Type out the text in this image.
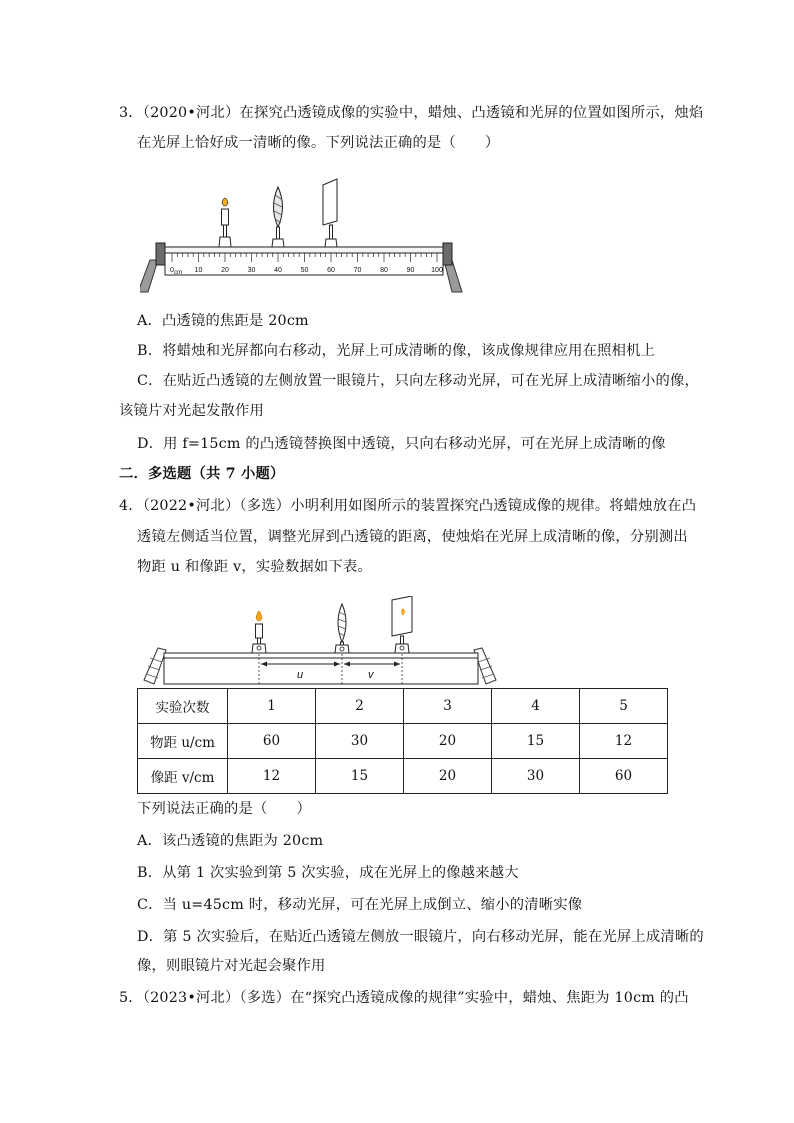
3．（2020•河北）在探究凸透镜成像的实验中，蜡烛、凸透镜和光屏的位置如图所示，烛焰
在光屏上恰好成一清晰的像。下列说法正确的是（　　）
0	10	20	30	40	50	60	70	80	90 100
cm
A．凸透镜的焦距是 20cm
B．将蜡烛和光屏都向右移动，光屏上可成清晰的像，该成像规律应用在照相机上
C．在贴近凸透镜的左侧放置一眼镜片，只向左移动光屏，可在光屏上成清晰缩小的像，
该镜片对光起发散作用
D．用 f=15cm 的凸透镜替换图中透镜，只向右移动光屏，可在光屏上成清晰的像
二．多选题（共 7 小题）
4．（2022•河北）（多选）小明利用如图所示的装置探究凸透镜成像的规律。将蜡烛放在凸
透镜左侧适当位置，调整光屏到凸透镜的距离，使烛焰在光屏上成清晰的像，分别测出
物距 u 和像距 v，实验数据如下表。
u	v
实验次数	1	2	3	4	5
物距 u/cm	60	30	20	15	12
像距 v/cm	12	15	20	30	60
下列说法正确的是（　　）
A．该凸透镜的焦距为 20cm
B．从第 1 次实验到第 5 次实验，成在光屏上的像越来越大
C．当 u=45cm 时，移动光屏，可在光屏上成倒立、缩小的清晰实像
D．第 5 次实验后，在贴近凸透镜左侧放一眼镜片，向右移动光屏，能在光屏上成清晰的
像，则眼镜片对光起会聚作用
5．（2023•河北）（多选）在“探究凸透镜成像的规律”实验中，蜡烛、焦距为 10cm 的凸
